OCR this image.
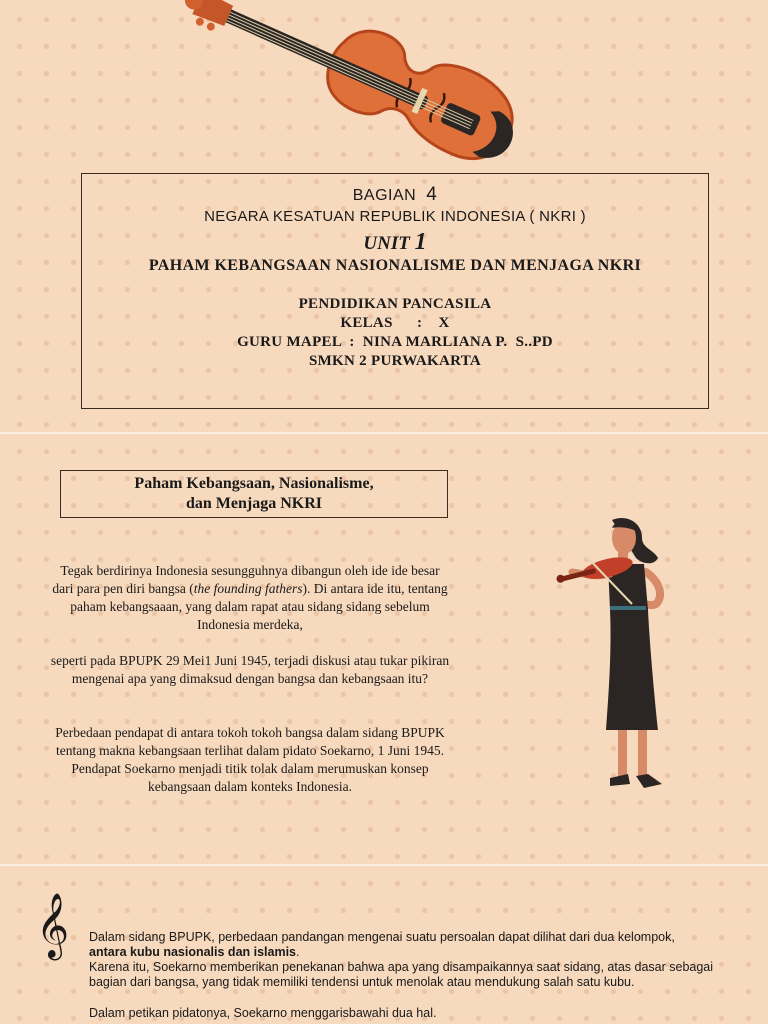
BAGIAN 4
NEGARA KESATUAN REPUBLIK INDONESIA ( NKRI )
UNIT 1
PAHAM KEBANGSAAN NASIONALISME DAN MENJAGA NKRI
PENDIDIKAN PANCASILA
KELAS      :    X
GURU MAPEL  :  NINA MARLIANA P.  S..PD
SMKN 2 PURWAKARTA
Paham Kebangsaan, Nasionalisme,
dan Menjaga NKRI
Tegak berdirinya Indonesia sesungguhnya dibangun oleh ide ide besar dari para pen diri bangsa (the founding fathers). Di antara ide itu, tentang paham kebangsaaan, yang dalam rapat atau sidang sidang sebelum Indonesia merdeka,
seperti pada BPUPK 29 Mei1 Juni 1945, terjadi diskusi atau tukar pikiran mengenai apa yang dimaksud dengan bangsa dan kebangsaan itu?
Perbedaan pendapat di antara tokoh tokoh bangsa dalam sidang BPUPK tentang makna kebangsaan terlihat dalam pidato Soekarno, 1 Juni 1945. Pendapat Soekarno menjadi titik tolak dalam merumuskan konsep kebangsaan dalam konteks Indonesia.
𝄞 Dalam sidang BPUPK, perbedaan pandangan mengenai suatu persoalan dapat dilihat dari dua kelompok,
antara kubu nasionalis dan islamis.
Karena itu, Soekarno memberikan penekanan bahwa apa yang disampaikannya saat sidang, atas dasar sebagai bagian dari bangsa, yang tidak memiliki tendensi untuk menolak atau mendukung salah satu kubu.
Dalam petikan pidatonya, Soekarno menggarisbawahi dua hal.
